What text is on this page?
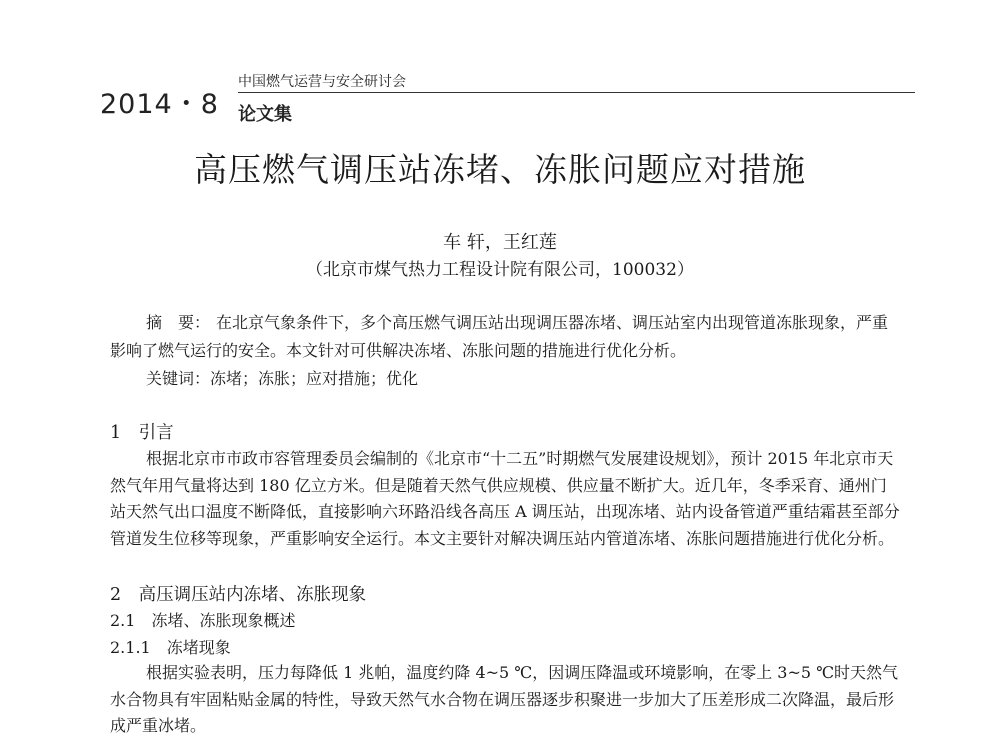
2014・8
中国燃气运营与安全研讨会
论文集
高压燃气调压站冻堵、冻胀问题应对措施
车 轩，王红莲
（北京市煤气热力工程设计院有限公司，100032）

摘　要： 在北京气象条件下，多个高压燃气调压站出现调压器冻堵、调压站室内出现管道冻胀现象，严重影响了燃气运行的安全。本文针对可供解决冻堵、冻胀问题的措施进行优化分析。

关键词：冻堵；冻胀；应对措施；优化
1　引言

根据北京市市政市容管理委员会编制的《北京市“十二五”时期燃气发展建设规划》，预计 2015 年北京市天然气年用气量将达到 180 亿立方米。但是随着天然气供应规模、供应量不断扩大。近几年，冬季采育、通州门站天然气出口温度不断降低，直接影响六环路沿线各高压 A 调压站，出现冻堵、站内设备管道严重结霜甚至部分管道发生位移等现象，严重影响安全运行。本文主要针对解决调压站内管道冻堵、冻胀问题措施进行优化分析。

2　高压调压站内冻堵、冻胀现象
2.1　冻堵、冻胀现象概述
2.1.1　冻堵现象

根据实验表明，压力每降低 1 兆帕，温度约降 4~5 ℃，因调压降温或环境影响，在零上 3~5 ℃时天然气水合物具有牢固粘贴金属的特性，导致天然气水合物在调压器逐步积聚进一步加大了压差形成二次降温，最后形成严重冰堵。
